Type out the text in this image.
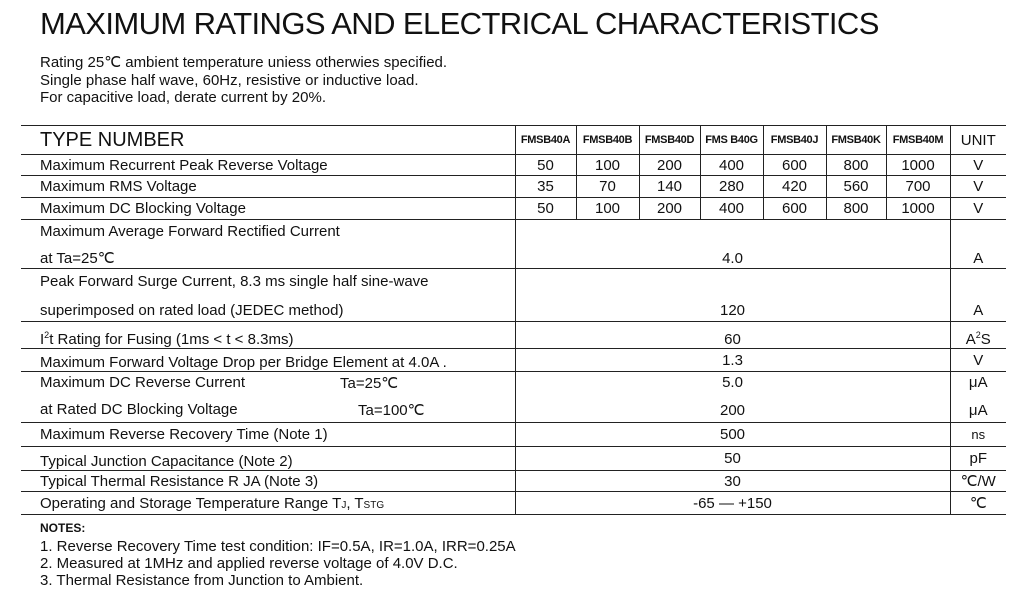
MAXIMUM RATINGS AND ELECTRICAL CHARACTERISTICS
Rating 25℃ ambient temperature uniess otherwies specified.
Single phase half wave, 60Hz, resistive or inductive load.
For capacitive load, derate current by 20%.
TYPE NUMBER	FMSB40A	FMSB40B	FMSB40D	FMS B40G	FMSB40J	FMSB40K	FMSB40M	UNIT
Maximum Recurrent Peak Reverse Voltage	50	100	200	400	600	800	1000	V
Maximum RMS Voltage	35	70	140	280	420	560	700	V
Maximum DC Blocking Voltage	50	100	200	400	600	800	1000	V
Maximum Average Forward Rectified Current	4.0							A
at Ta=25℃								
Peak Forward Surge Current, 8.3 ms single half sine-wave	120							A
superimposed on rated load (JEDEC method)								
$I^2t$ Rating for Fusing (1ms < t < 8.3ms)	60							$A^2S$
Maximum Forward Voltage Drop per Bridge Element at 4.0A .	1.3							V

Maximum DC Reverse Current Ta=25℃	5.0							μA

at Rated DC Blocking Voltage Ta=100℃	200							μA
Maximum Reverse Recovery Time (Note 1)	500							ns
Typical Junction Capacitance (Note 2)	50							pF
Typical Thermal Resistance R JA (Note 3)	30							℃/W
Operating and Storage Temperature Range TJ, TSTG	-65 — +150							℃
NOTES:
1. Reverse Recovery Time test condition: IF=0.5A, IR=1.0A, IRR=0.25A
2. Measured at 1MHz and applied reverse voltage of 4.0V D.C.
3. Thermal Resistance from Junction to Ambient.
